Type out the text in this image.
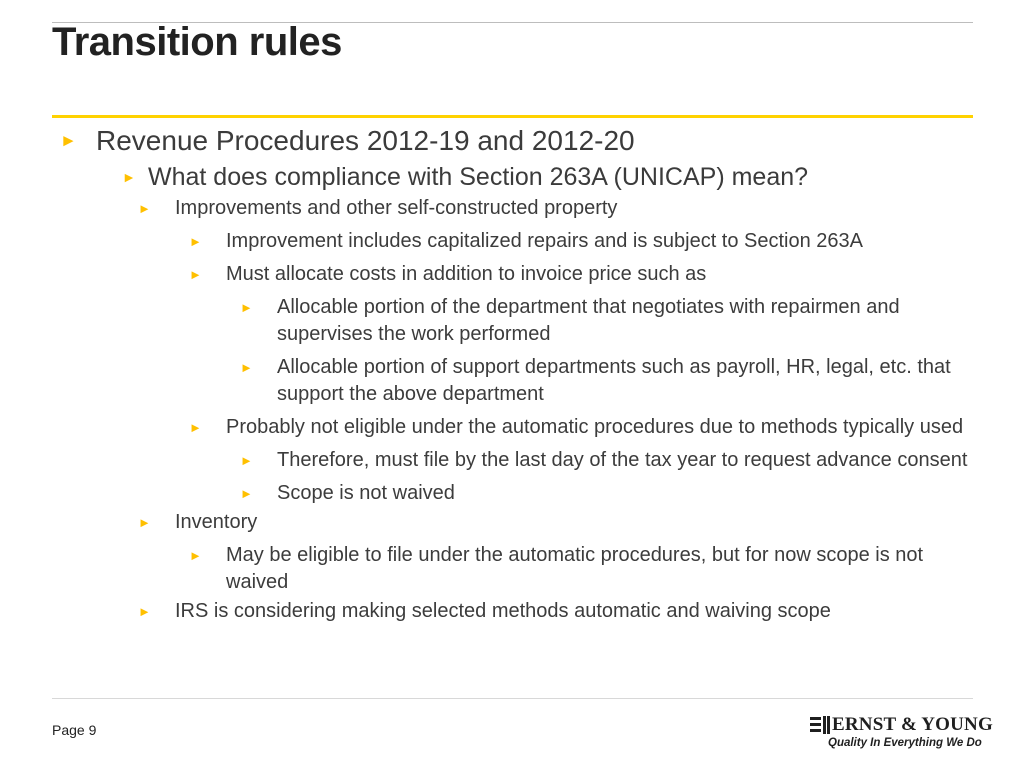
Transition rules
►
Revenue Procedures 2012-19 and 2012-20
►
What does compliance with Section 263A (UNICAP) mean?
►
Improvements and other self-constructed property
►
Improvement includes capitalized repairs and is subject to Section 263A
►
Must allocate costs in addition to invoice price such as
►
Allocable portion of the department that negotiates with repairmen and supervises the work performed
►
Allocable portion of support departments such as payroll, HR, legal, etc. that support the above department
►
Probably not eligible under the automatic procedures due to methods typically used
►
Therefore, must file by the last day of the tax year to request advance consent
►
Scope is not waived
►
Inventory
►
May be eligible to file under the automatic procedures, but for now scope is not waived
►
IRS is considering making selected methods automatic and waiving scope
Page 9	ERNST & YOUNG
Quality In Everything We Do
